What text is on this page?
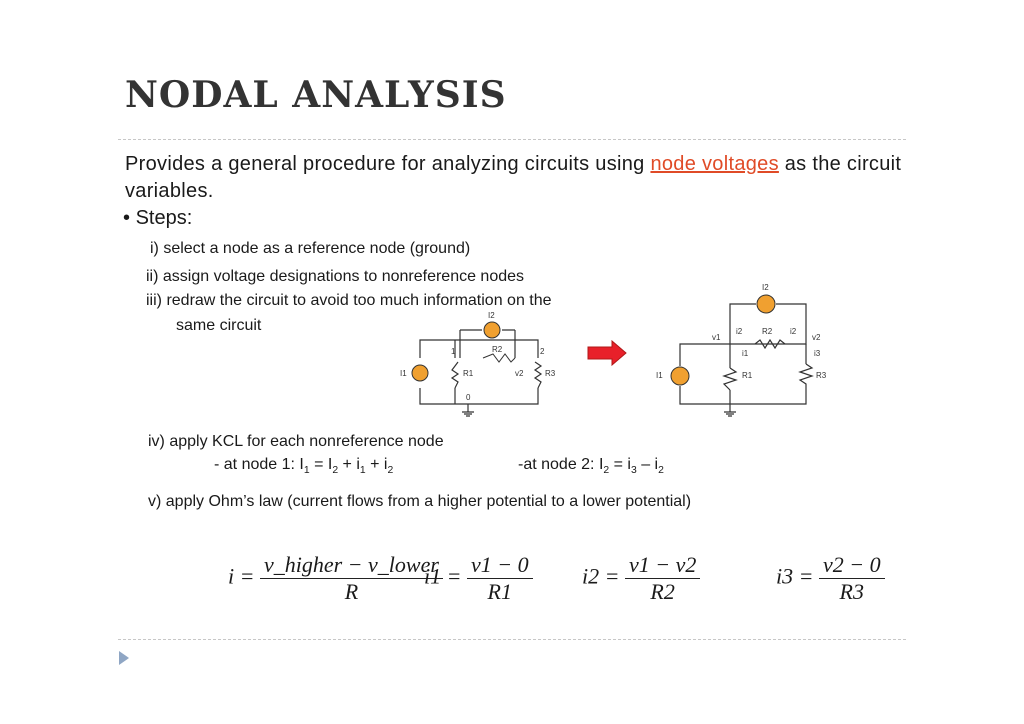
NODAL ANALYSIS
Provides a general procedure for analyzing circuits using node voltages as the circuit variables.
• Steps:
i) select a node as a reference node (ground)
ii) assign voltage designations to nonreference nodes
iii) redraw the circuit to avoid too much information on the
same circuit
I2
R2
1	2
I1	R1	v2	R3
0
I2
i2 R2 i2
v1	v2
i1	i3
I1	R1	R3
iv) apply KCL for each nonreference node
- at node 1: $I_1 = I_2 + i_1 + i_2$	-at node 2: $I_2 = i_3 - i_2$
v) apply Ohm’s law (current flows from a higher potential to a lower potential)
$i = \frac{\text{v\_higher − v\_lower}}{R}$
$i1 = \frac{v1 - 0}{R1} i2 = \frac{v1 - v2}{R2}$	$i3 = \frac{v2 - 0}{R3}$
